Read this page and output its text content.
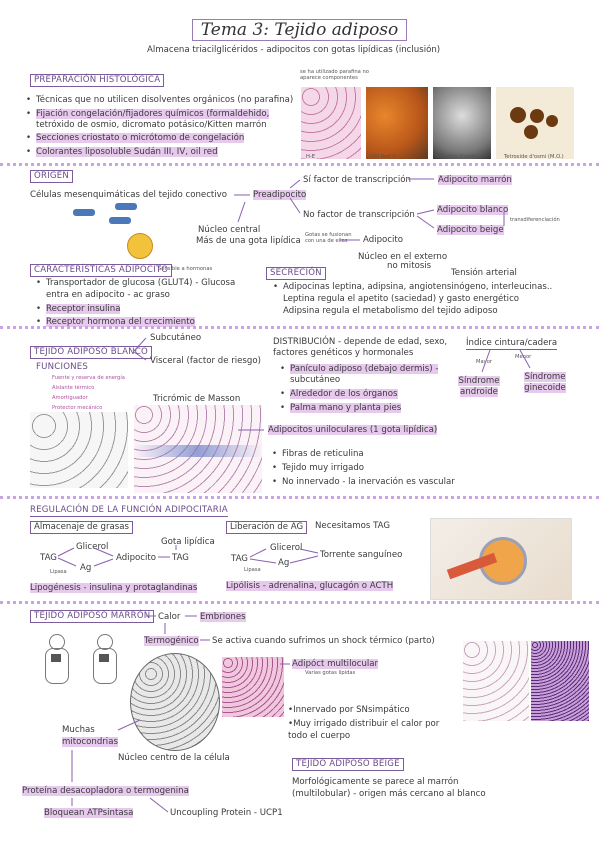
Tema 3: Tejido adiposo
Almacena triacilglicéridos - adipocitos con gotas lipídicas (inclusión)
PREPARACIÓN HISTOLÓGICA
se ha utilizado parafina no aparece componentes
• Técnicas que no utilicen disolventes orgánicos (no parafina)
• Fijación congelación/fijadores químicos (formaldehido,
tetróxido de osmio, dicromato potásico/Kitten marrón
• Secciones criostato o micrótomo de congelación
• Colorantes liposoluble Sudán III, IV, oil red	H-E	Oil Red O	Tetroxido d'osmi	Tetroxide d'osmi (M.O.)
ORIGEN
Células mesenquimáticas del tejido conectivo	Preadipocito
Sí factor de transcripción	Adipocito marrón
No factor de transcripción	Adipocito blanco
transdiferenciación
Adipocito beige
Núcleo central
Más de una gota lipídica
Gotas se fusionan con una de ellas	Adipocito
Núcleo en el externo
no mitosis
CARACTERÍSTICAS ADIPOCITO
Sensible a hormonas
• Transportador de glucosa (GLUT4) - Glucosa
entra en adipocito - ac graso
• Receptor insulina
• Receptor hormona del crecimiento
SECRECIÓN	Tensión arterial
• Adipocinas leptina, adipsina, angiotensinógeno, interleucinas..
Leptina regula el apetito (saciedad) y gasto energético
Adipsina regula el metabolismo del tejido adiposo
TEJIDO ADIPOSO BLANCO
Subcutáneo
Visceral (factor de riesgo)
FUNCIONES
Fuente y reserva de energía
Aislante térmico
Amortiguador
Protector mecánico
Tricrómic de Masson
DISTRIBUCIÓN - depende de edad, sexo,
factores genéticos y hormonales
• Panículo adiposo (debajo dermis) -
subcutáneo
• Alrededor de los órganos
• Palma mano y planta pies
Índice cintura/cadera
Mayor
Menor
Síndrome androide
Síndrome ginecoide
Adipocitos uniloculares (1 gota lipídica)
• Fibras de reticulina
• Tejido muy irrigado
• No innervado - la inervación es vascular
REGULACIÓN DE LA FUNCIÓN ADIPOCITARIA
Almacenaje de grasas
TAG
Glicerol
Ag
Lipasa
Adipocito
Gota lipídica
TAG
Lipogénesis - insulina y protaglandinas
Liberación de AG	Necesitamos TAG
TAG
Glicerol
Ag
Lipasa
Torrente sanguíneo
Lipólisis - adrenalina, glucagón o ACTH
TEJIDO ADIPOSO MARRÓN Calor Embriones
Termogénico Se activa cuando sufrimos un shock térmico (parto)
Adipóct multilocular
Varias gotas lípidas
•Innervado por SNsimpático
•Muy irrigado distribuir el calor por
todo el cuerpo
Muchas
mitocondrias
Núcleo centro de la célula
Proteína desacopladora o termogenina
Bloquean ATPsintasa	Uncoupling Protein - UCP1
TEJIDO ADIPOSO BEIGE
Morfológicamente se parece al marrón
(multilobular) - origen más cercano al blanco
